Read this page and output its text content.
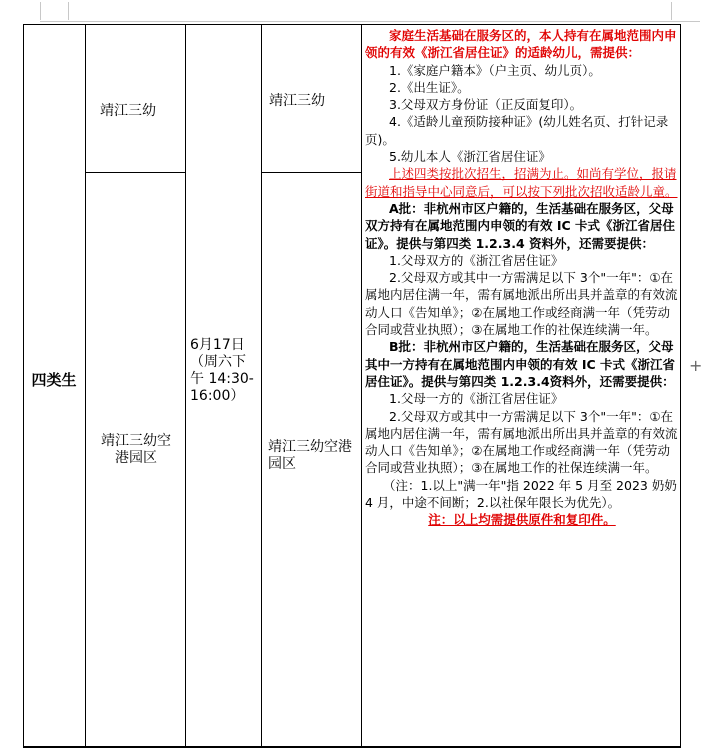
四类生
靖江三幼
靖江三幼空港园区
6月17日（周六下午 14:30-16:00）
靖江三幼
靖江三幼空港园区

家庭生活基础在服务区的，本人持有在属地范围内申领的有效《浙江省居住证》的适龄幼儿，需提供：

1.《家庭户籍本》（户主页、幼儿页）。

2.《出生证》。

3.父母双方身份证（正反面复印）。

4.《适龄儿童预防接种证》(幼儿姓名页、打针记录页)。

5.幼儿本人《浙江省居住证》

上述四类按批次招生，招满为止。如尚有学位，报请街道和指导中心同意后，可以按下列批次招收适龄儿童。

A批：非杭州市区户籍的，生活基础在服务区，父母双方持有在属地范围内申领的有效 IC 卡式《浙江省居住证》。提供与第四类 1.2.3.4 资料外，还需要提供：

1.父母双方的《浙江省居住证》

2.父母双方或其中一方需满足以下 3个"一年"：①在属地内居住满一年，需有属地派出所出具并盖章的有效流动人口《告知单》；②在属地工作或经商满一年（凭劳动合同或营业执照）；③在属地工作的社保连续满一年。

B批：非杭州市区户籍的，生活基础在服务区，父母其中一方持有在属地范围内申领的有效 IC 卡式《浙江省居住证》。提供与第四类 1.2.3.4资料外，还需要提供：

1.父母一方的《浙江省居住证》

2.父母双方或其中一方需满足以下 3个"一年"：①在属地内居住满一年，需有属地派出所出具并盖章的有效流动人口《告知单》；②在属地工作或经商满一年（凭劳动合同或营业执照）；③在属地工作的社保连续满一年。

（注：1.以上"满一年"指 2022 年 5 月至 2023 奶奶 4 月，中途不间断；2.以社保年限长为优先）。

注：以上均需提供原件和复印件。

+
